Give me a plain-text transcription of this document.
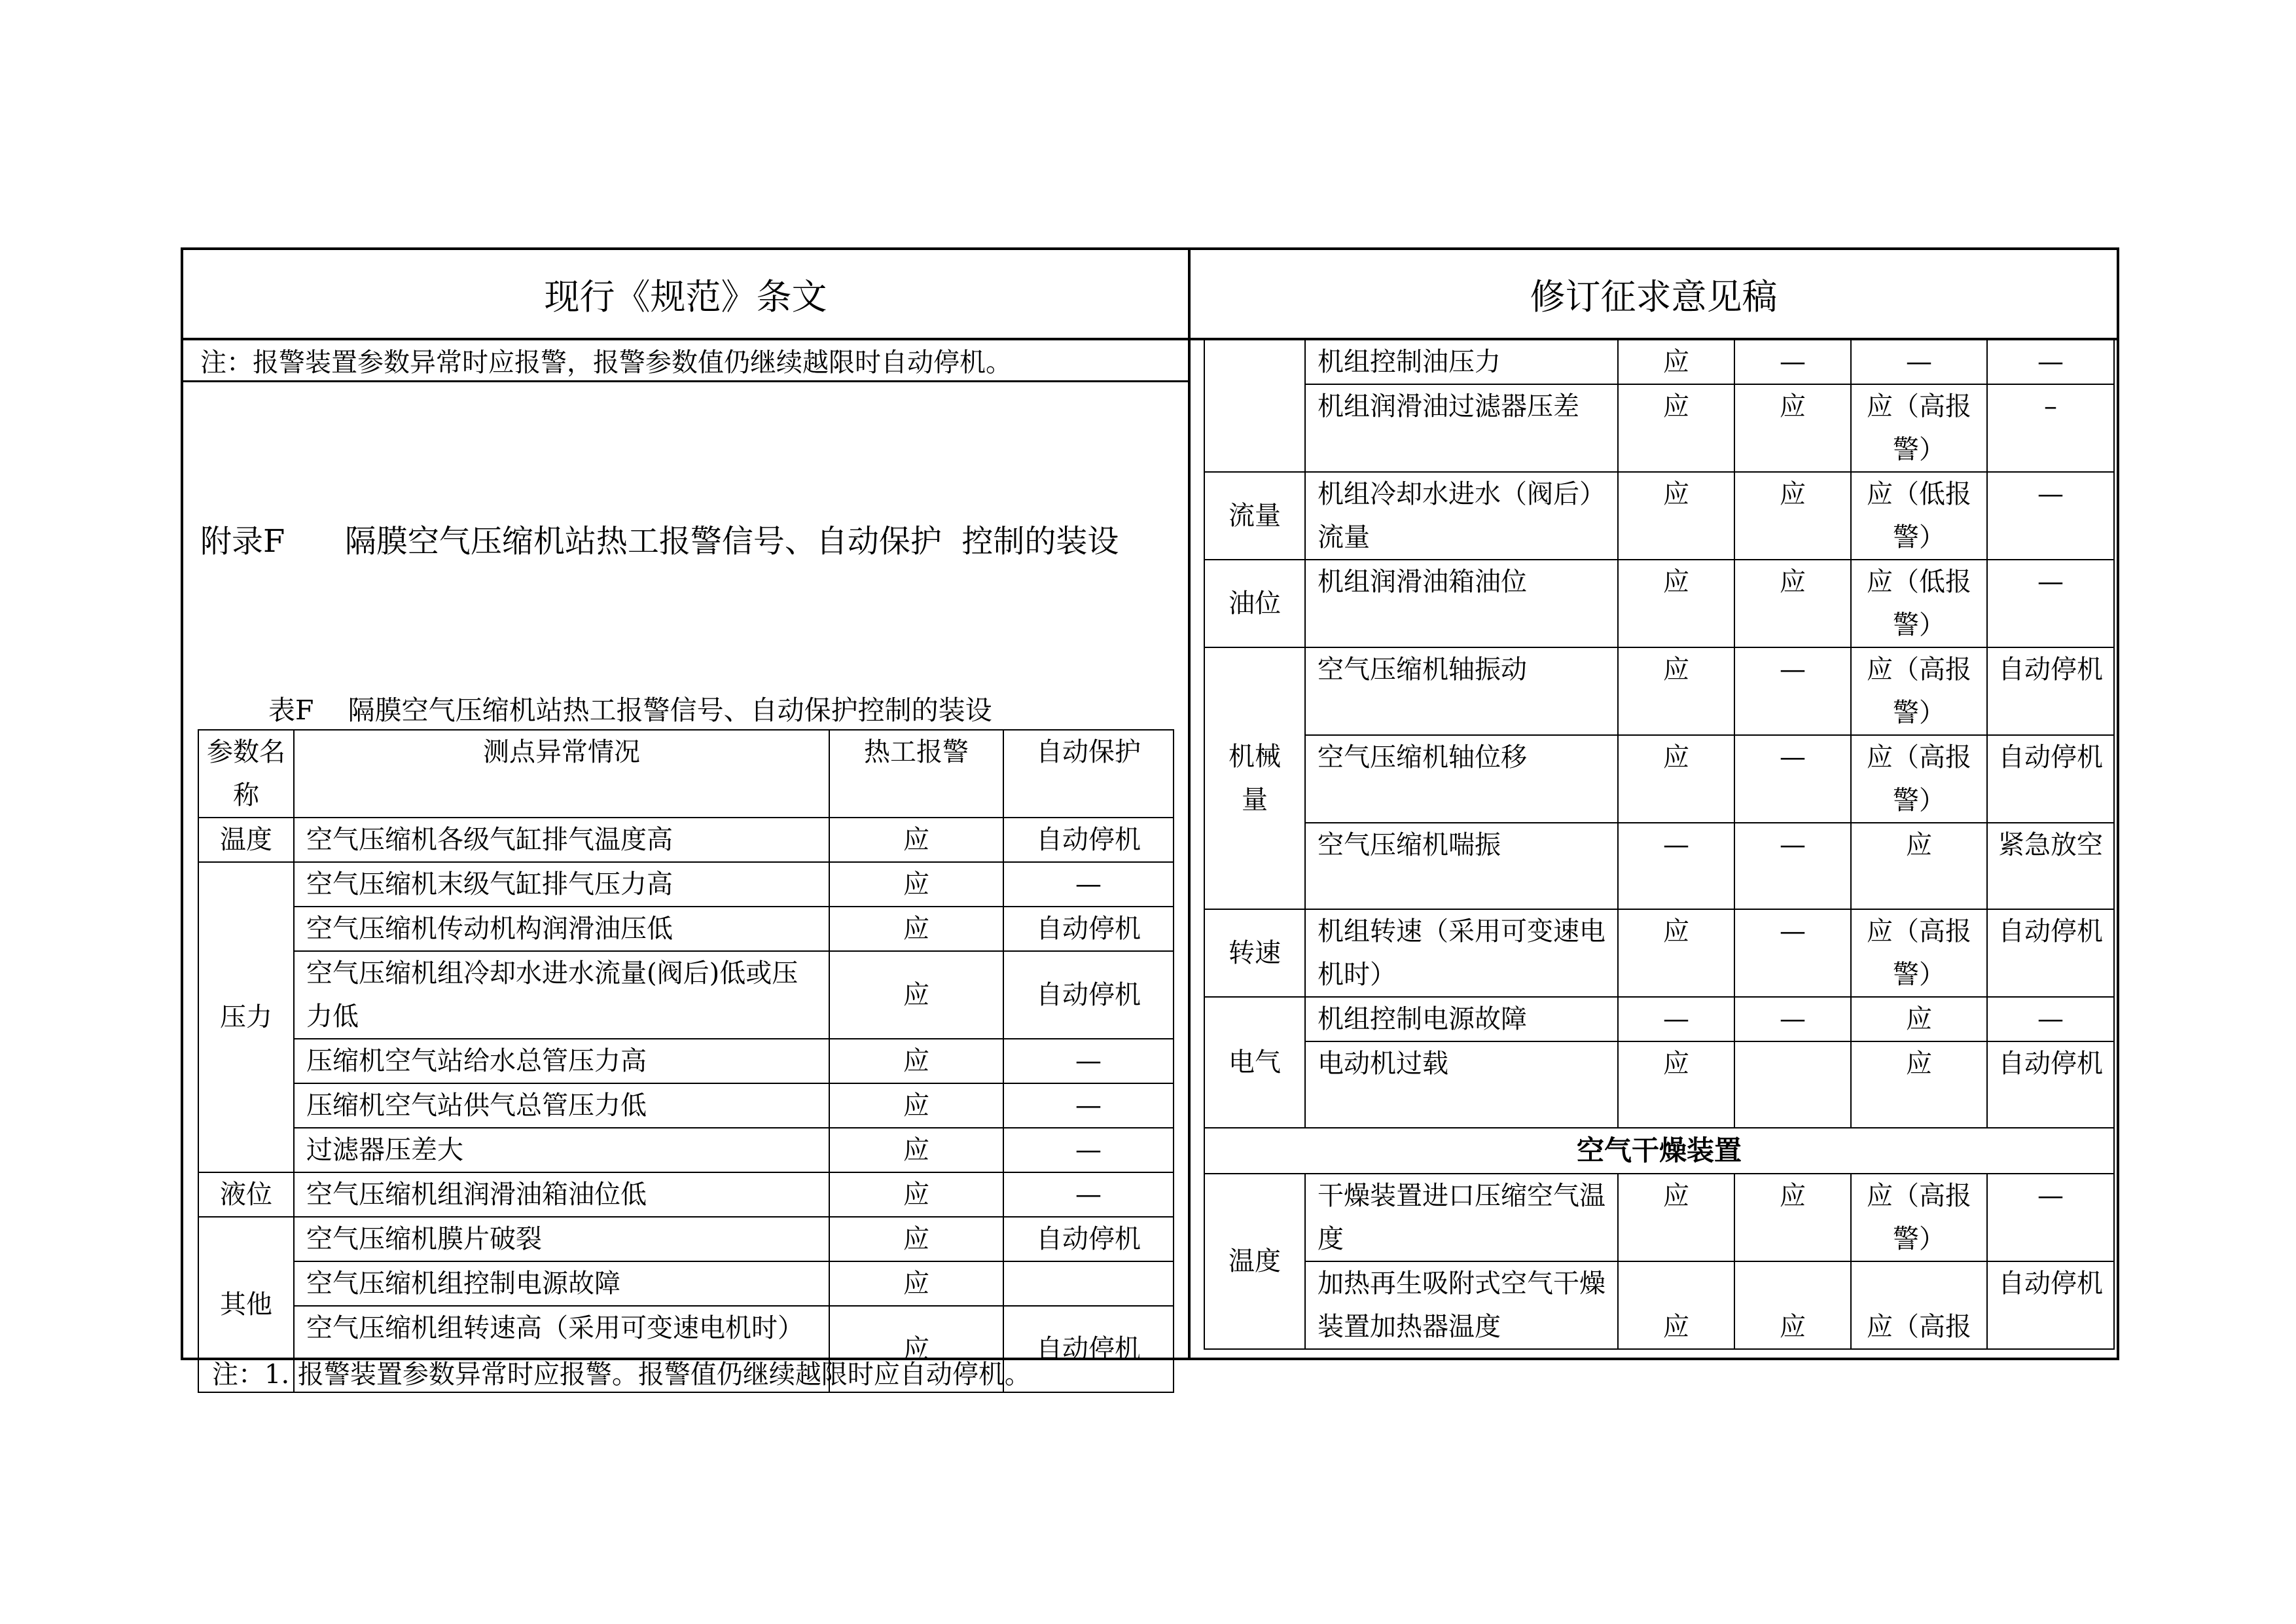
现行《规范》条文	修订征求意见稿
注：报警装置参数异常时应报警，报警参数值仍继续越限时自动停机。
附录F      隔膜空气压缩机站热工报警信号、自动保护  控制的装设
表F    隔膜空气压缩机站热工报警信号、自动保护控制的装设
参数名称	测点异常情况	热工报警	自动保护
温度	空气压缩机各级气缸排气温度高	应	自动停机
压力	空气压缩机末级气缸排气压力高	应	—
	空气压缩机传动机构润滑油压低	应	自动停机
	空气压缩机组冷却水进水流量(阀后)低或压力低	应	自动停机
	压缩机空气站给水总管压力高	应	—
	压缩机空气站供气总管压力低	应	—
	过滤器压差大	应	—
液位	空气压缩机组润滑油箱油位低	应	—
其他	空气压缩机膜片破裂	应	自动停机
	空气压缩机组控制电源故障	应	
	空气压缩机组转速高（采用可变速电机时）	应	自动停机
注：1. 报警装置参数异常时应报警。报警值仍继续越限时应自动停机。
	机组控制油压力	应	—	—	—
	机组润滑油过滤器压差	应	应	应（高报警）	–
流量	机组冷却水进水（阀后）流量	应	应	应（低报警）	—
油位	机组润滑油箱油位	应	应	应（低报警）	—
机械量	空气压缩机轴振动	应	—	应（高报警）	自动停机
	空气压缩机轴位移	应	—	应（高报警）	自动停机
	空气压缩机喘振	—	—	应	紧急放空
转速	机组转速（采用可变速电机时）	应	—	应（高报警）	自动停机
电气	机组控制电源故障	—	—	应	—
	电动机过载	应		应	自动停机
空气干燥装置					
温度	干燥装置进口压缩空气温度	应	应	应（高报警）	—
	加热再生吸附式空气干燥装置加热器温度	应	应	应（高报	自动停机
